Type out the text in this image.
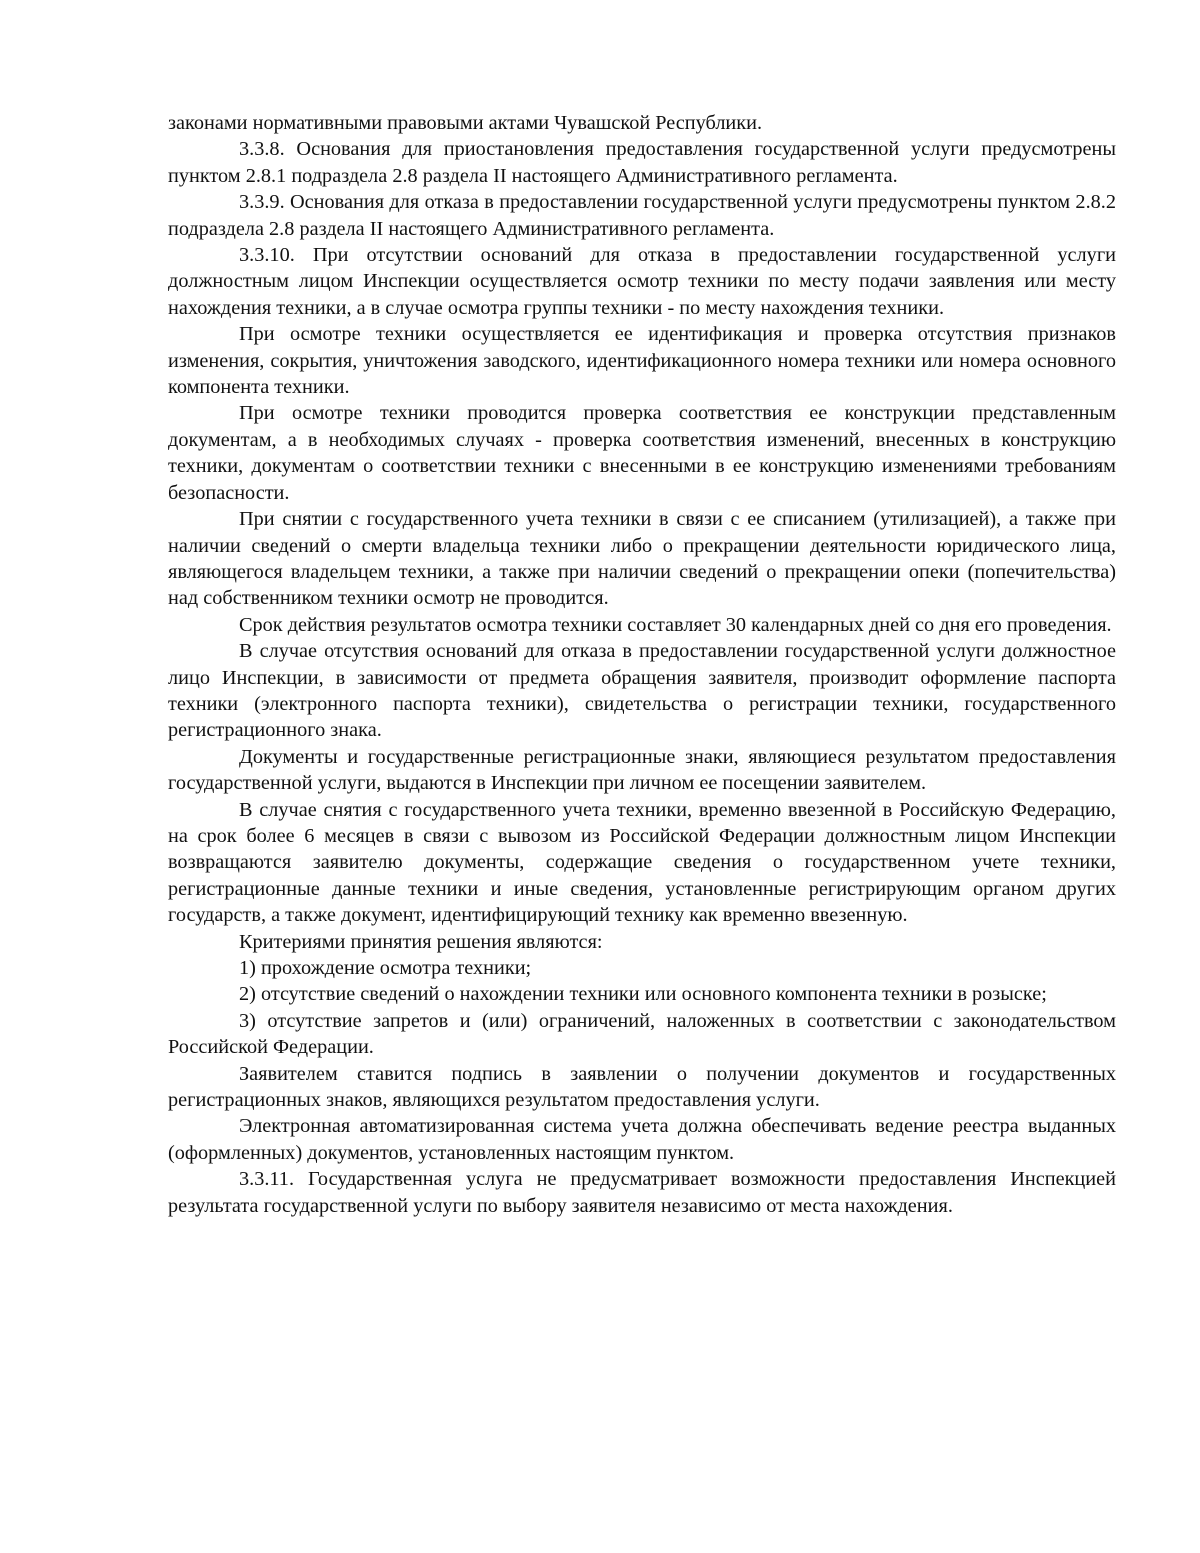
законами нормативными правовыми актами Чувашской Республики.

3.3.8. Основания для приостановления предоставления государственной услуги предусмотрены пунктом 2.8.1 подраздела 2.8 раздела II настоящего Административного регламента.

3.3.9. Основания для отказа в предоставлении государственной услуги предусмотрены пунктом 2.8.2 подраздела 2.8 раздела II настоящего Административного регламента.

3.3.10. При отсутствии оснований для отказа в предоставлении государственной услуги должностным лицом Инспекции осуществляется осмотр техники по месту подачи заявления или месту нахождения техники, а в случае осмотра группы техники - по месту нахождения техники.

При осмотре техники осуществляется ее идентификация и проверка отсутствия признаков изменения, сокрытия, уничтожения заводского, идентификационного номера техники или номера основного компонента техники.

При осмотре техники проводится проверка соответствия ее конструкции представленным документам, а в необходимых случаях - проверка соответствия изменений, внесенных в конструкцию техники, документам о соответствии техники с внесенными в ее конструкцию изменениями требованиям безопасности.

При снятии с государственного учета техники в связи с ее списанием (утилизацией), а также при наличии сведений о смерти владельца техники либо о прекращении деятельности юридического лица, являющегося владельцем техники, а также при наличии сведений о прекращении опеки (попечительства) над собственником техники осмотр не проводится.

Срок действия результатов осмотра техники составляет 30 календарных дней со дня его проведения.

В случае отсутствия оснований для отказа в предоставлении государственной услуги должностное лицо Инспекции, в зависимости от предмета обращения заявителя, производит оформление паспорта техники (электронного паспорта техники), свидетельства о регистрации техники, государственного регистрационного знака.

Документы и государственные регистрационные знаки, являющиеся результатом предоставления государственной услуги, выдаются в Инспекции при личном ее посещении заявителем.

В случае снятия с государственного учета техники, временно ввезенной в Российскую Федерацию, на срок более 6 месяцев в связи с вывозом из Российской Федерации должностным лицом Инспекции возвращаются заявителю документы, содержащие сведения о государственном учете техники, регистрационные данные техники и иные сведения, установленные регистрирующим органом других государств, а также документ, идентифицирующий технику как временно ввезенную.

Критериями принятия решения являются:

1) прохождение осмотра техники;

2) отсутствие сведений о нахождении техники или основного компонента техники в розыске;

3) отсутствие запретов и (или) ограничений, наложенных в соответствии с законодательством Российской Федерации.

Заявителем ставится подпись в заявлении о получении документов и государственных регистрационных знаков, являющихся результатом предоставления услуги.

Электронная автоматизированная система учета должна обеспечивать ведение реестра выданных (оформленных) документов, установленных настоящим пунктом.

3.3.11. Государственная услуга не предусматривает возможности предоставления Инспекцией результата государственной услуги по выбору заявителя независимо от места нахождения.
